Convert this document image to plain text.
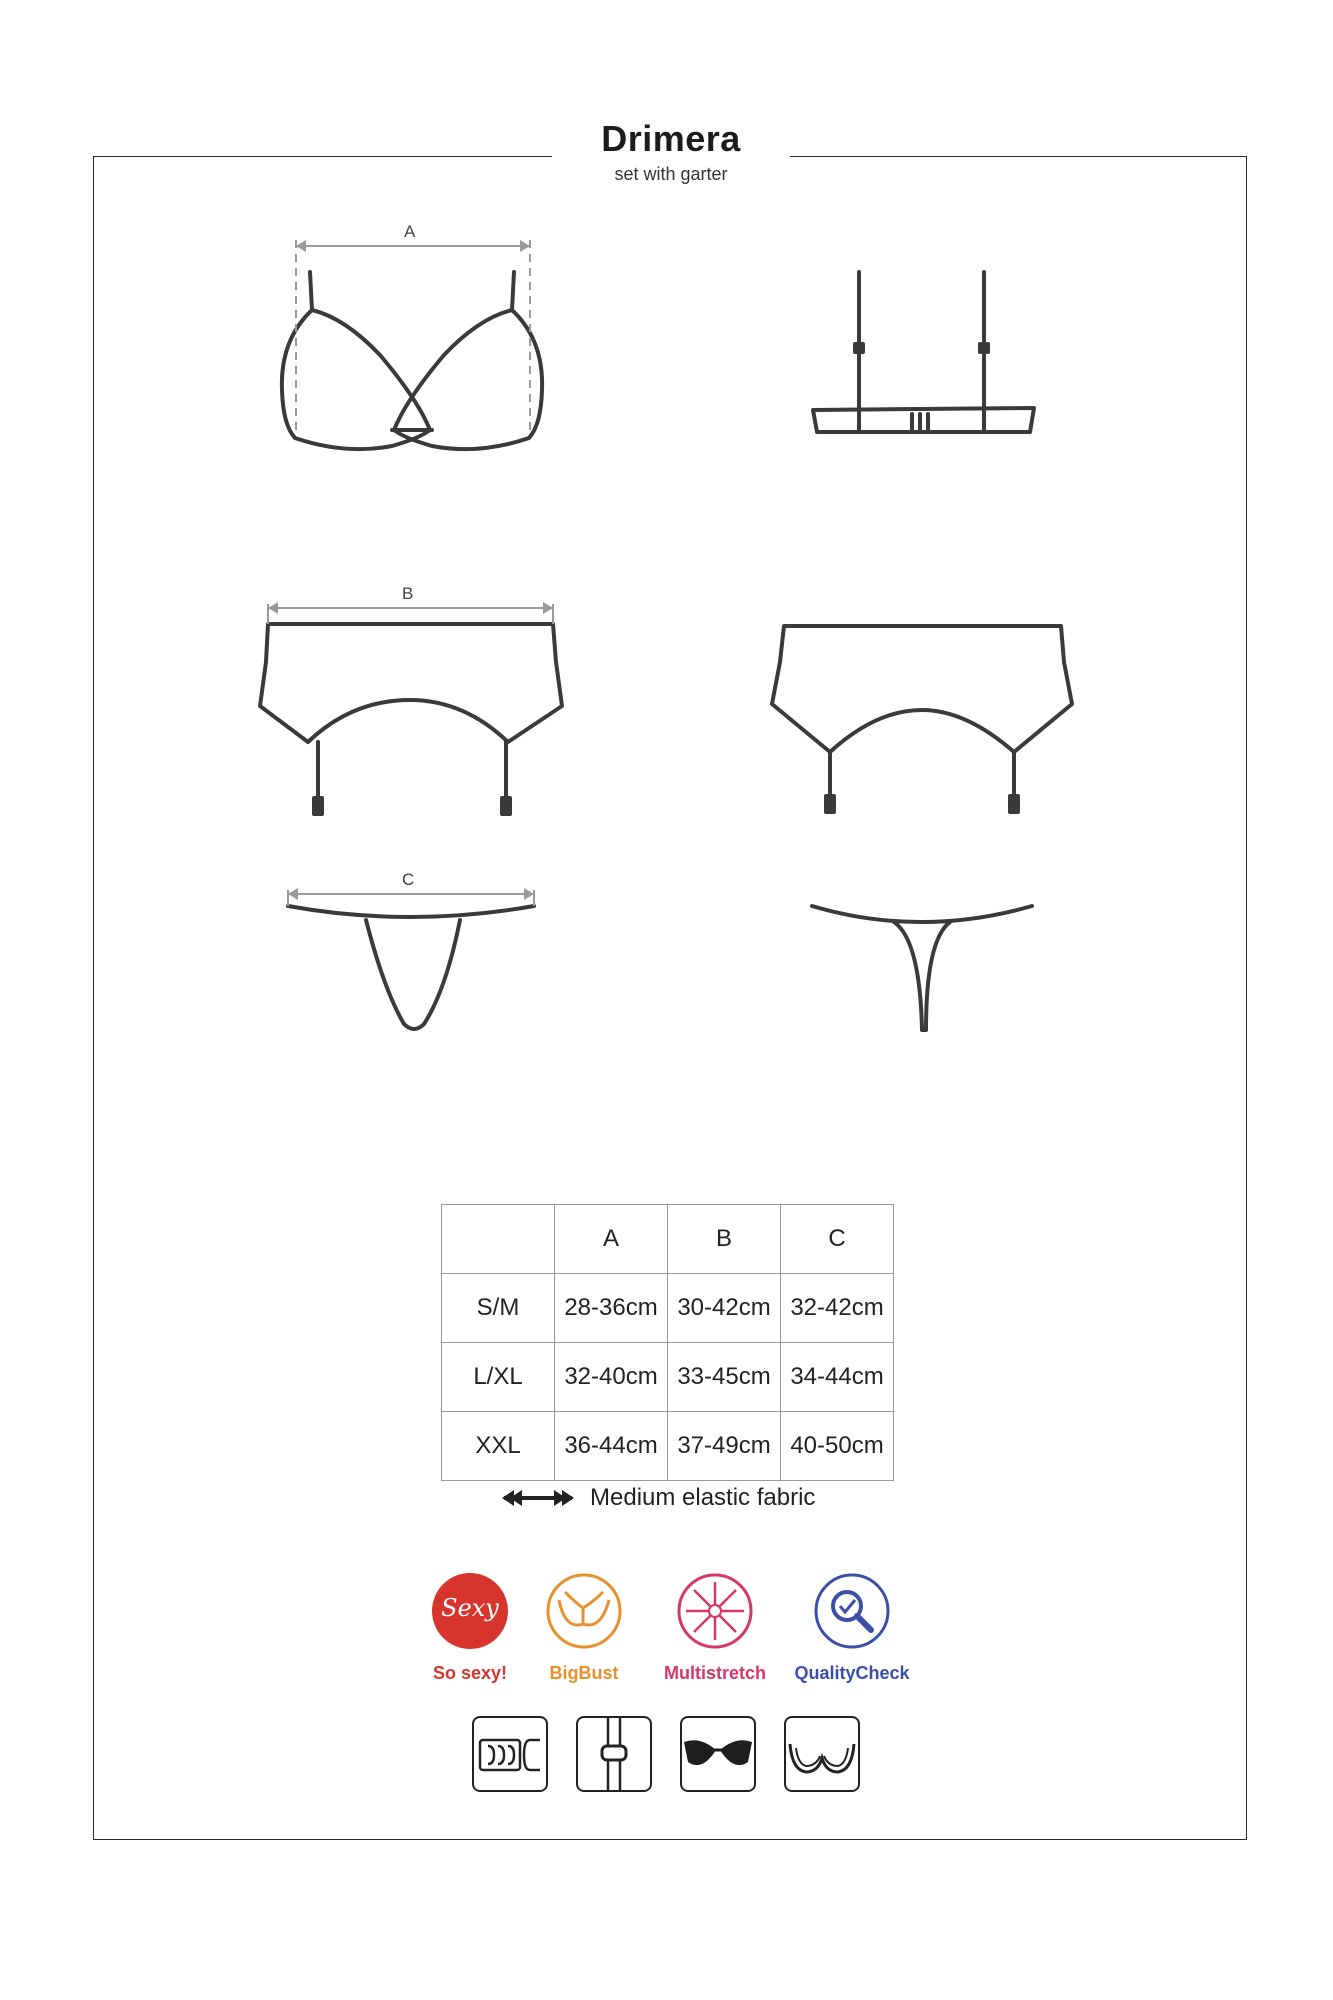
Drimera
set with garter
A
B
C
	A	B	C
S/M	28-36cm	30-42cm	32-42cm
L/XL	32-40cm	33-45cm	34-44cm
XXL	36-44cm	37-49cm	40-50cm
Medium elastic fabric
Sexy
So sexy!	BigBust	Multistretch	QualityCheck
